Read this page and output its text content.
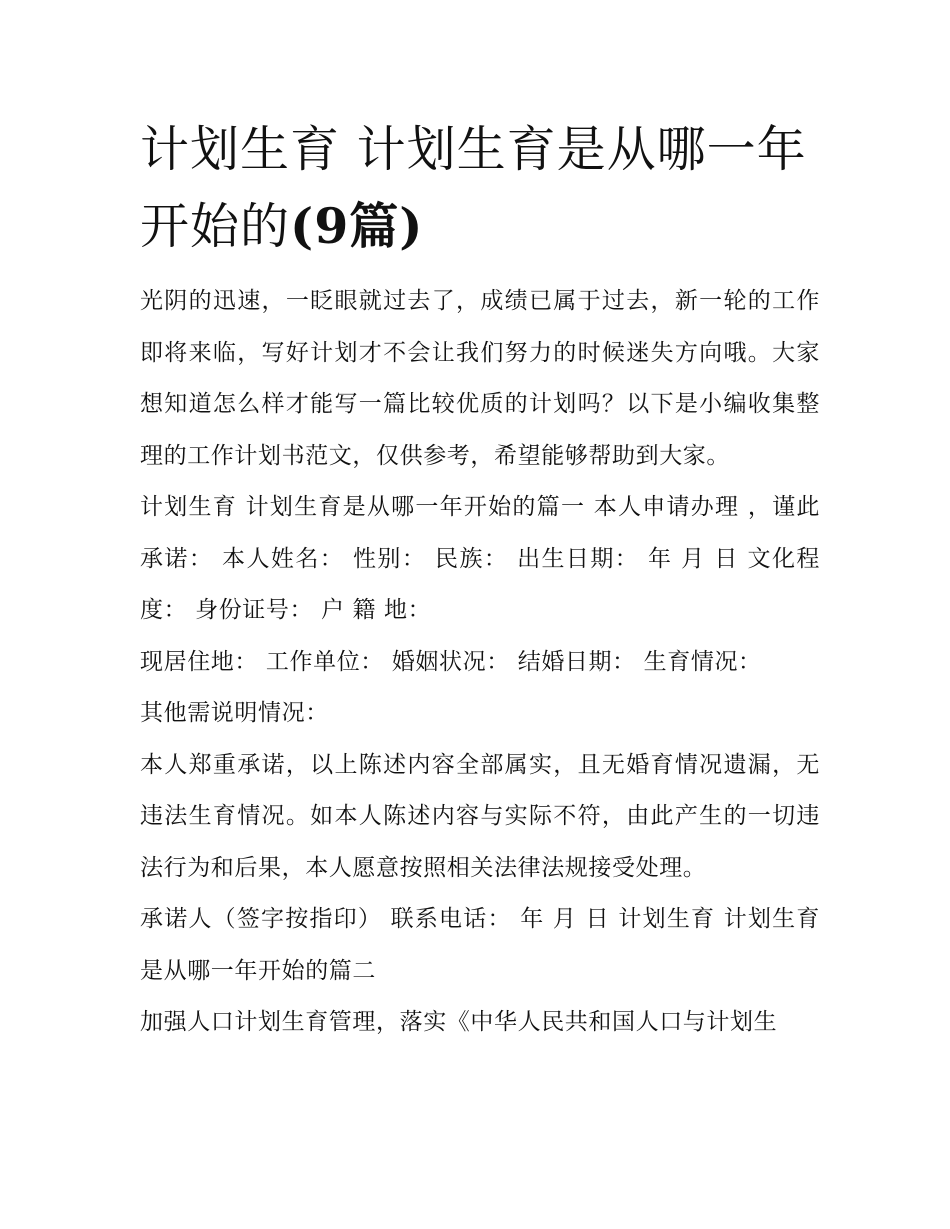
计划生育 计划生育是从哪一年开始的(9篇)

光阴的迅速，一眨眼就过去了，成绩已属于过去，新一轮的工作即将来临，写好计划才不会让我们努力的时候迷失方向哦。大家想知道怎么样才能写一篇比较优质的计划吗？以下是小编收集整理的工作计划书范文，仅供参考，希望能够帮助到大家。

计划生育 计划生育是从哪一年开始的篇一 本人申请办理 ，谨此承诺： 本人姓名： 性别： 民族： 出生日期： 年 月 日 文化程度： 身份证号： 户 籍 地：

现居住地： 工作单位： 婚姻状况： 结婚日期： 生育情况：

其他需说明情况：

本人郑重承诺，以上陈述内容全部属实，且无婚育情况遗漏，无违法生育情况。如本人陈述内容与实际不符，由此产生的一切违法行为和后果，本人愿意按照相关法律法规接受处理。

承诺人（签字按指印） 联系电话： 年 月 日 计划生育 计划生育是从哪一年开始的篇二

加强人口计划生育管理，落实《中华人民共和国人口与计划生
